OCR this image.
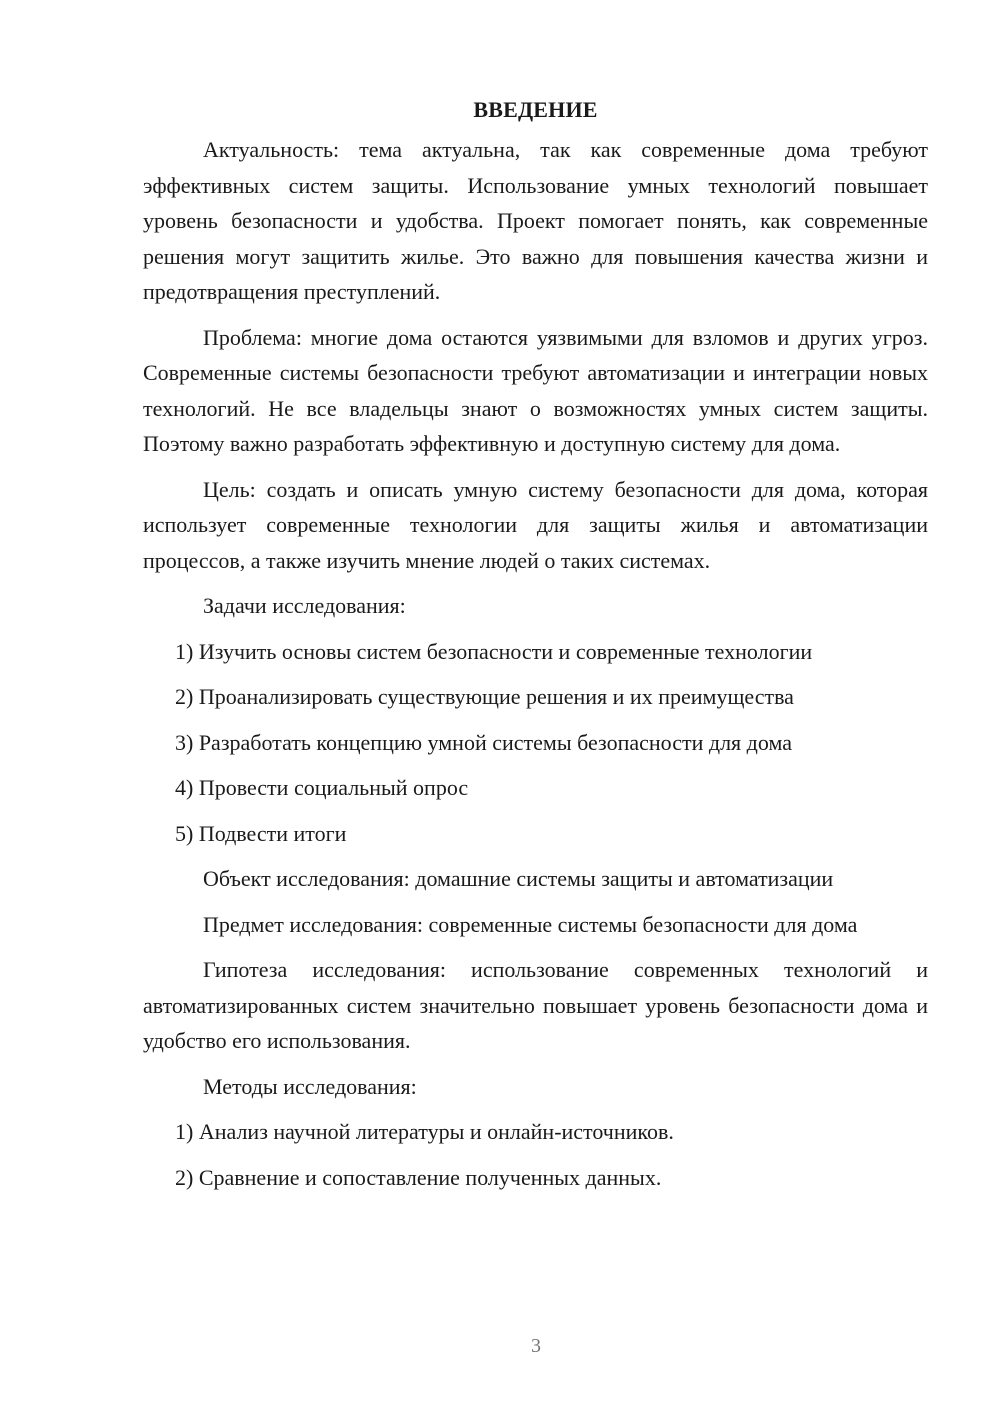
ВВЕДЕНИЕ

Актуальность: тема актуальна, так как современные дома требуют эффективных систем защиты. Использование умных технологий повышает уровень безопасности и удобства. Проект помогает понять, как современные решения могут защитить жилье. Это важно для повышения качества жизни и предотвращения преступлений.

Проблема: многие дома остаются уязвимыми для взломов и других угроз. Современные системы безопасности требуют автоматизации и интеграции новых технологий. Не все владельцы знают о возможностях умных систем защиты. Поэтому важно разработать эффективную и доступную систему для дома.

Цель: создать и описать умную систему безопасности для дома, которая использует современные технологии для защиты жилья и автоматизации процессов, а также изучить мнение людей о таких системах.

Задачи исследования:

1) Изучить основы систем безопасности и современные технологии
2) Проанализировать существующие решения и их преимущества
3) Разработать концепцию умной системы безопасности для дома
4) Провести социальный опрос
5) Подвести итоги

Объект исследования: домашние системы защиты и автоматизации

Предмет исследования: современные системы безопасности для дома

Гипотеза исследования: использование современных технологий и автоматизированных систем значительно повышает уровень безопасности дома и удобство его использования.

Методы исследования:

1) Анализ научной литературы и онлайн-источников.
2) Сравнение и сопоставление полученных данных.
3
